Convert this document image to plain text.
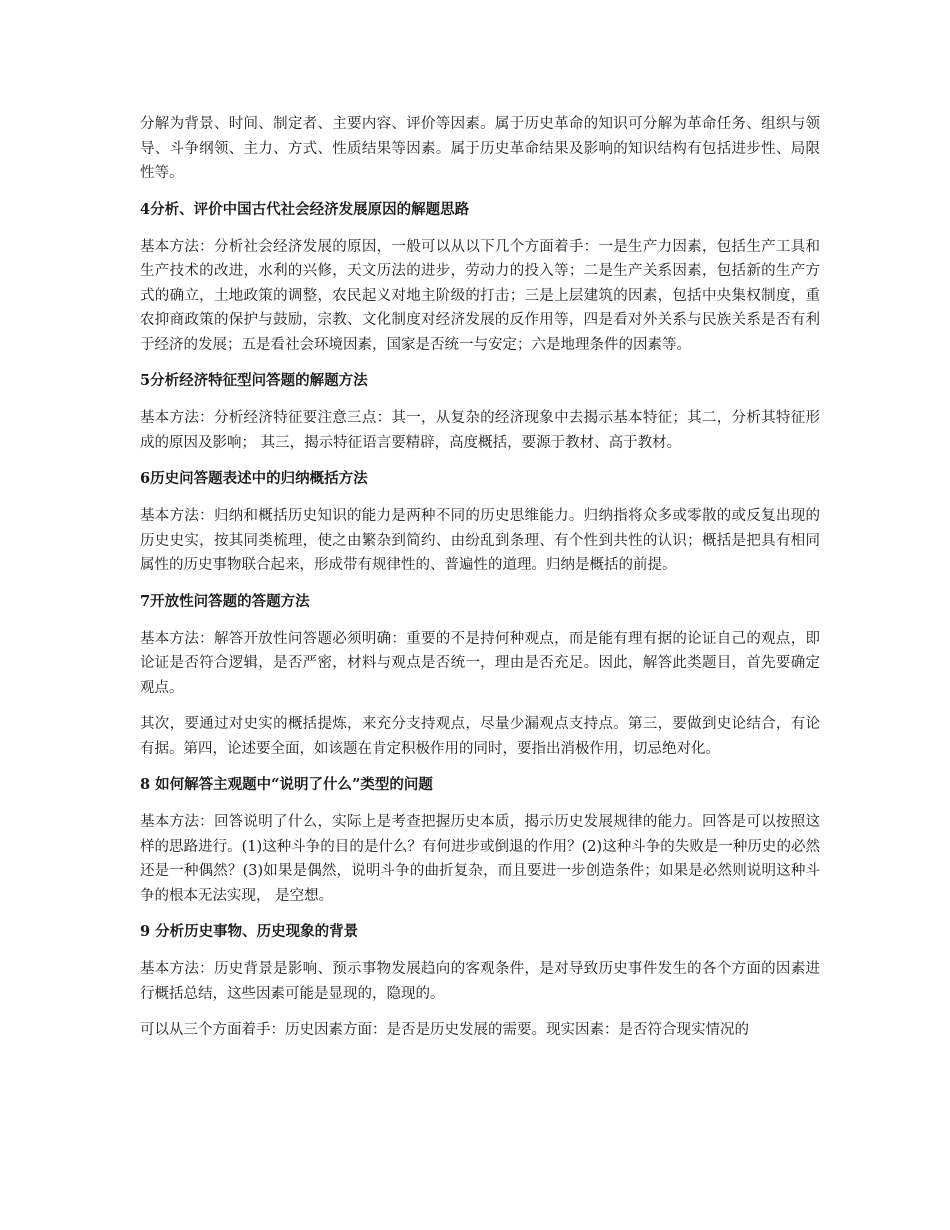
分解为背景、时间、制定者、主要内容、评价等因素。属于历史革命的知识可分解为革命任务、组织与领导、斗争纲领、主力、方式、性质结果等因素。属于历史革命结果及影响的知识结构有包括进步性、局限性等。

4分析、评价中国古代社会经济发展原因的解题思路

基本方法：分析社会经济发展的原因，一般可以从以下几个方面着手：一是生产力因素，包括生产工具和生产技术的改进，水利的兴修，天文历法的进步，劳动力的投入等；二是生产关系因素，包括新的生产方式的确立，土地政策的调整，农民起义对地主阶级的打击；三是上层建筑的因素，包括中央集权制度，重农抑商政策的保护与鼓励，宗教、文化制度对经济发展的反作用等，四是看对外关系与民族关系是否有利于经济的发展；五是看社会环境因素，国家是否统一与安定；六是地理条件的因素等。

5分析经济特征型问答题的解题方法

基本方法：分析经济特征要注意三点：其一，从复杂的经济现象中去揭示基本特征；其二，分析其特征形成的原因及影响； 其三，揭示特征语言要精辟，高度概括，要源于教材、高于教材。

6历史问答题表述中的归纳概括方法

基本方法：归纳和概括历史知识的能力是两种不同的历史思维能力。归纳指将众多或零散的或反复出现的历史史实，按其同类梳理，使之由繁杂到简约、由纷乱到条理、有个性到共性的认识；概括是把具有相同属性的历史事物联合起来，形成带有规律性的、普遍性的道理。归纳是概括的前提。

7开放性问答题的答题方法

基本方法：解答开放性问答题必须明确：重要的不是持何种观点，而是能有理有据的论证自己的观点，即论证是否符合逻辑，是否严密，材料与观点是否统一，理由是否充足。因此，解答此类题目，首先要确定观点。

其次，要通过对史实的概括提炼，来充分支持观点，尽量少漏观点支持点。第三，要做到史论结合，有论有据。第四，论述要全面，如该题在肯定积极作用的同时，要指出消极作用，切忌绝对化。

8 如何解答主观题中“说明了什么”类型的问题

基本方法：回答说明了什么，实际上是考查把握历史本质，揭示历史发展规律的能力。回答是可以按照这样的思路进行。(1)这种斗争的目的是什么？有何进步或倒退的作用？(2)这种斗争的失败是一种历史的必然还是一种偶然？(3)如果是偶然，说明斗争的曲折复杂，而且要进一步创造条件；如果是必然则说明这种斗争的根本无法实现， 是空想。

9 分析历史事物、历史现象的背景

基本方法：历史背景是影响、预示事物发展趋向的客观条件，是对导致历史事件发生的各个方面的因素进行概括总结，这些因素可能是显现的，隐现的。

可以从三个方面着手：历史因素方面：是否是历史发展的需要。现实因素：是否符合现实情况的
